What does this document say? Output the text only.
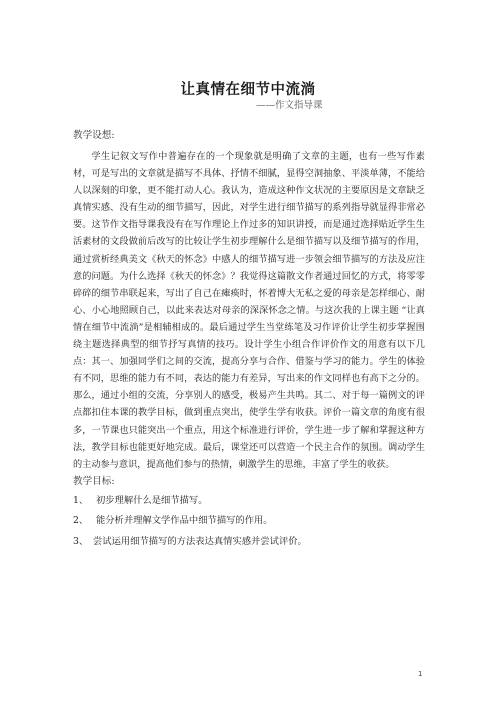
让真情在细节中流淌

——作文指导课

教学设想:

学生记叙文写作中普遍存在的一个现象就是明确了文章的主题，也有一些写作素材，可是写出的文章就是描写不具体、抒情不细腻，显得空洞抽象、平淡单薄，不能给人以深刻的印象，更不能打动人心。我认为，造成这种作文状况的主要原因是文章缺乏真情实感、没有生动的细节描写，因此，对学生进行细节描写的系列指导就显得非常必要。这节作文指导课我没有在写作理论上作过多的知识讲授，而是通过选择贴近学生生活素材的文段做前后改写的比较让学生初步理解什么是细节描写以及细节描写的作用，通过赏析经典美文《秋天的怀念》中感人的细节描写进一步领会细节描写的方法及应注意的问题。为什么选择《秋天的怀念》？我觉得这篇散文作者通过回忆的方式，将零零碎碎的细节串联起来，写出了自己在瘫痪时，怀着博大无私之爱的母亲是怎样细心、耐心、小心地照顾自己，以此来表达对母亲的深深怀念之情。与这次我的上课主题 “让真情在细节中流淌”是相辅相成的。最后通过学生当堂练笔及习作评价让学生初步掌握围绕主题选择典型的细节抒写真情的技巧。设计学生小组合作评价作文的用意有以下几点：其一、加强同学们之间的交流，提高分享与合作、借鉴与学习的能力。学生的体验有不同，思维的能力有不同，表达的能力有差异，写出来的作文同样也有高下之分的。那么，通过小组的交流，分享别人的感受，极易产生共鸣。其二、对于每一篇例文的评点都扣住本课的教学目标，做到重点突出，使学生学有收获。评价一篇文章的角度有很多，一节课也只能突出一个重点，用这个标准进行评价，学生进一步了解和掌握这种方法，教学目标也能更好地完成。最后，课堂还可以营造一个民主合作的氛围。调动学生的主动参与意识，提高他们参与的热情，刺激学生的思维，丰富了学生的收获。

教学目标:

1、 初步理解什么是细节描写。
2、 能分析并理解文学作品中细节描写的作用。
3、 尝试运用细节描写的方法表达真情实感并尝试评价。

1
